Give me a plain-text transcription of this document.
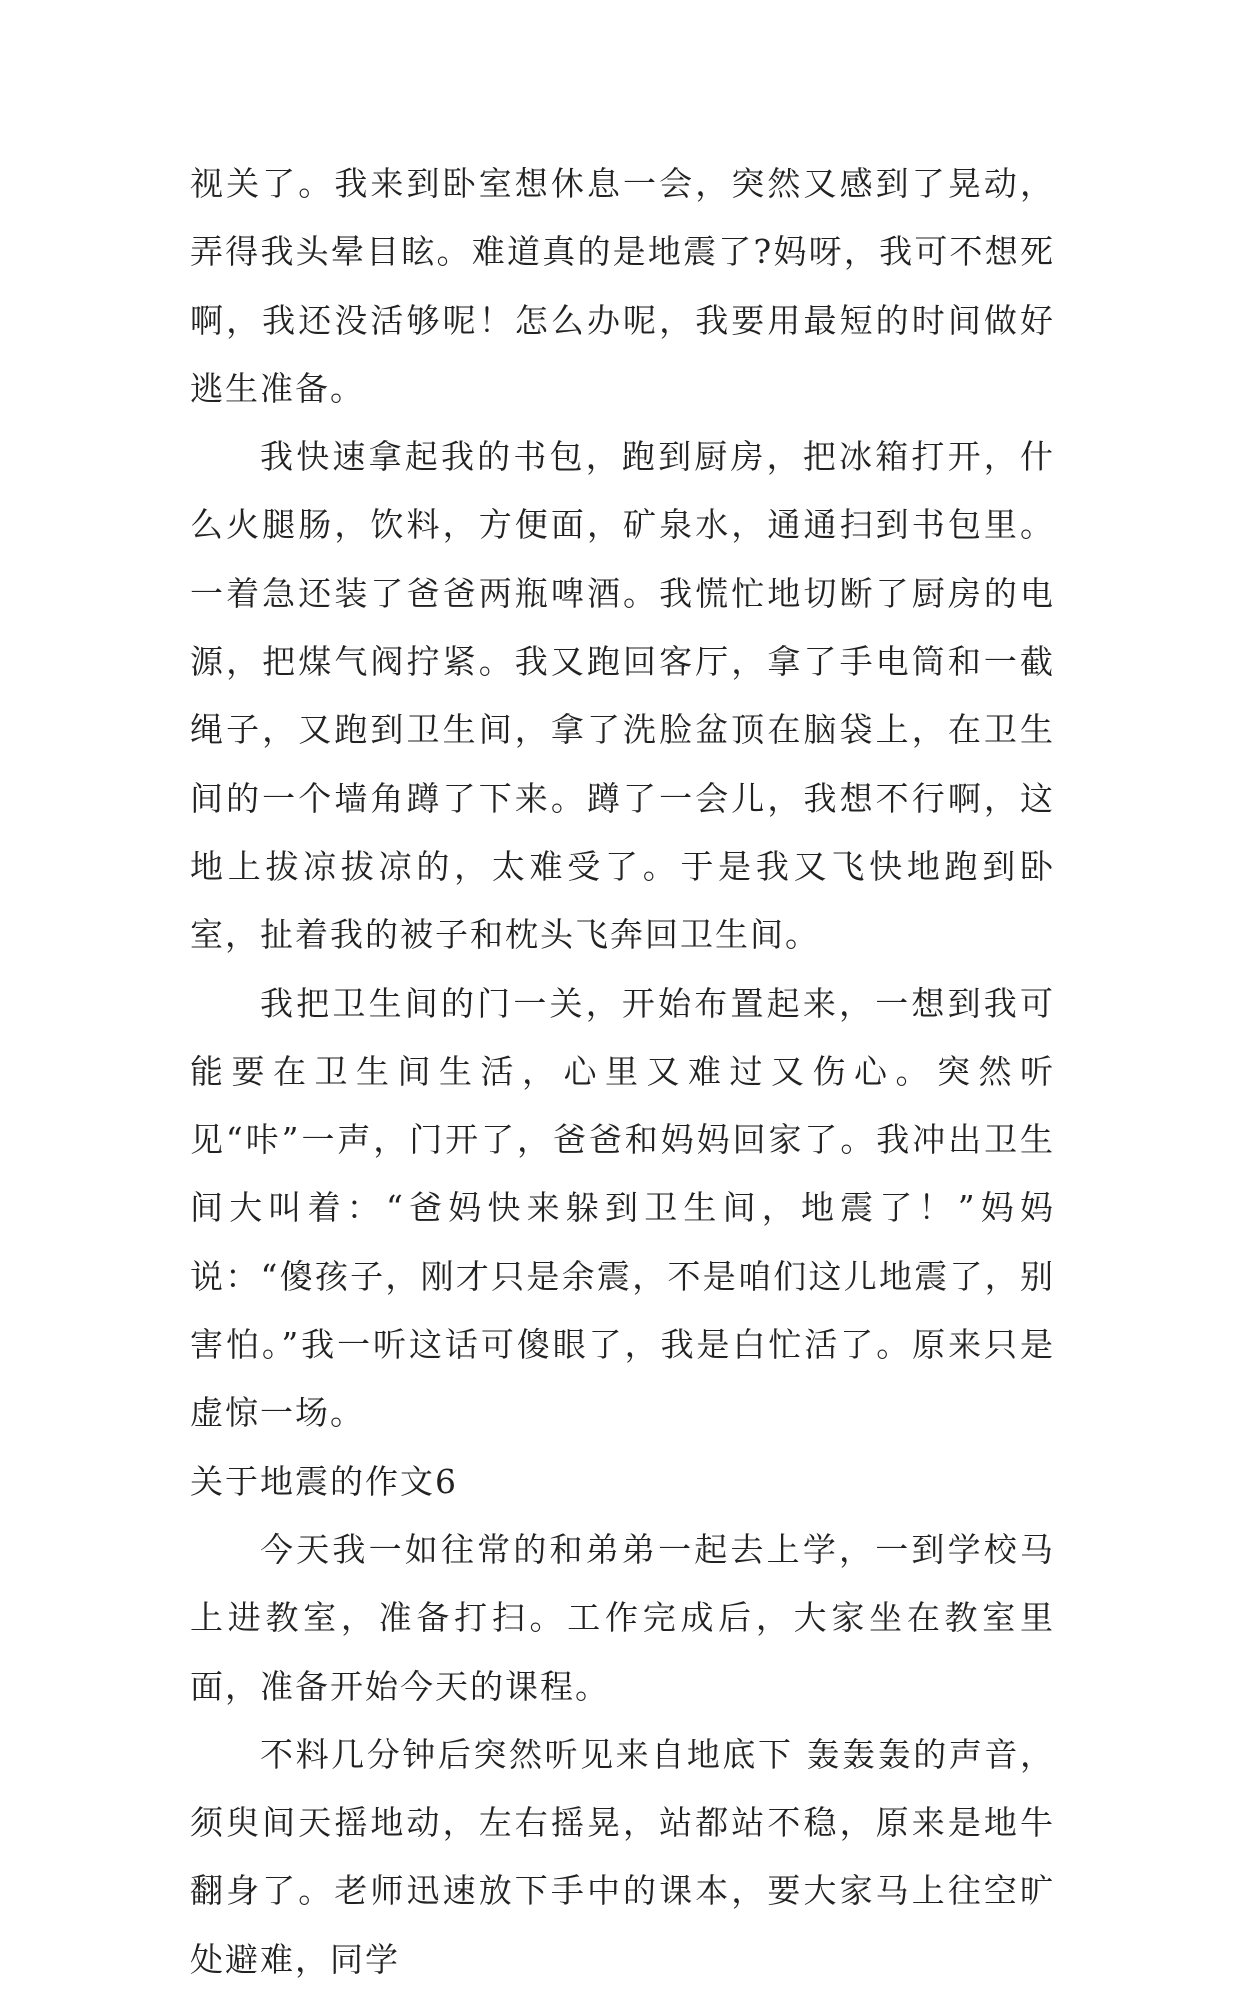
视关了。我来到卧室想休息一会，突然又感到了晃动，弄得我头晕目眩。难道真的是地震了?妈呀，我可不想死啊，我还没活够呢！怎么办呢，我要用最短的时间做好逃生准备。

我快速拿起我的书包，跑到厨房，把冰箱打开，什么火腿肠，饮料，方便面，矿泉水，通通扫到书包里。一着急还装了爸爸两瓶啤酒。我慌忙地切断了厨房的电源，把煤气阀拧紧。我又跑回客厅，拿了手电筒和一截绳子，又跑到卫生间，拿了洗脸盆顶在脑袋上，在卫生间的一个墙角蹲了下来。蹲了一会儿，我想不行啊，这地上拔凉拔凉的，太难受了。于是我又飞快地跑到卧室，扯着我的被子和枕头飞奔回卫生间。

我把卫生间的门一关，开始布置起来，一想到我可能要在卫生间生活，心里又难过又伤心。突然听见“咔”一声，门开了，爸爸和妈妈回家了。我冲出卫生间大叫着：“爸妈快来躲到卫生间，地震了！”妈妈说：“傻孩子，刚才只是余震，不是咱们这儿地震了，别害怕。”我一听这话可傻眼了，我是白忙活了。原来只是虚惊一场。

关于地震的作文6

今天我一如往常的和弟弟一起去上学，一到学校马上进教室，准备打扫。工作完成后，大家坐在教室里面，准备开始今天的课程。

不料几分钟后突然听见来自地底下 轰轰轰的声音，须臾间天摇地动，左右摇晃，站都站不稳，原来是地牛翻身了。老师迅速放下手中的课本，要大家马上往空旷处避难，同学
